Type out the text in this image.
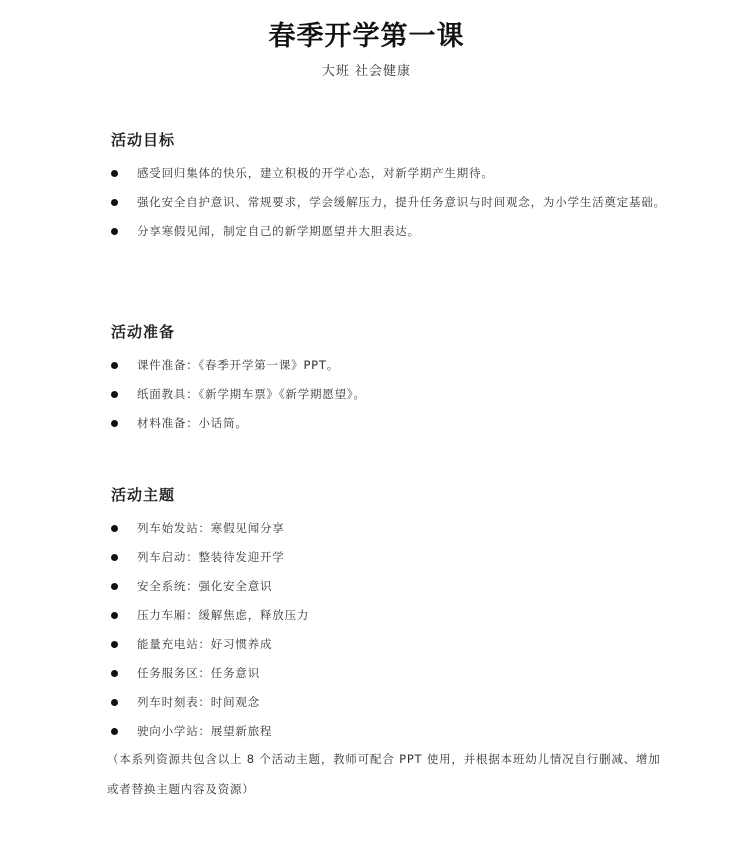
春季开学第一课
大班 社会健康
活动目标
感受回归集体的快乐，建立积极的开学心态，对新学期产生期待。
强化安全自护意识、常规要求，学会缓解压力，提升任务意识与时间观念，为小学生活奠定基础。
分享寒假见闻，制定自己的新学期愿望并大胆表达。
活动准备
课件准备：《春季开学第一课》PPT。
纸面教具：《新学期车票》《新学期愿望》。
材料准备：小话筒。
活动主题
列车始发站：寒假见闻分享
列车启动：整装待发迎开学
安全系统：强化安全意识
压力车厢：缓解焦虑，释放压力
能量充电站：好习惯养成
任务服务区：任务意识
列车时刻表：时间观念
驶向小学站：展望新旅程
（本系列资源共包含以上 8 个活动主题，教师可配合 PPT 使用，并根据本班幼儿情况自行删减、增加或者替换主题内容及资源）
